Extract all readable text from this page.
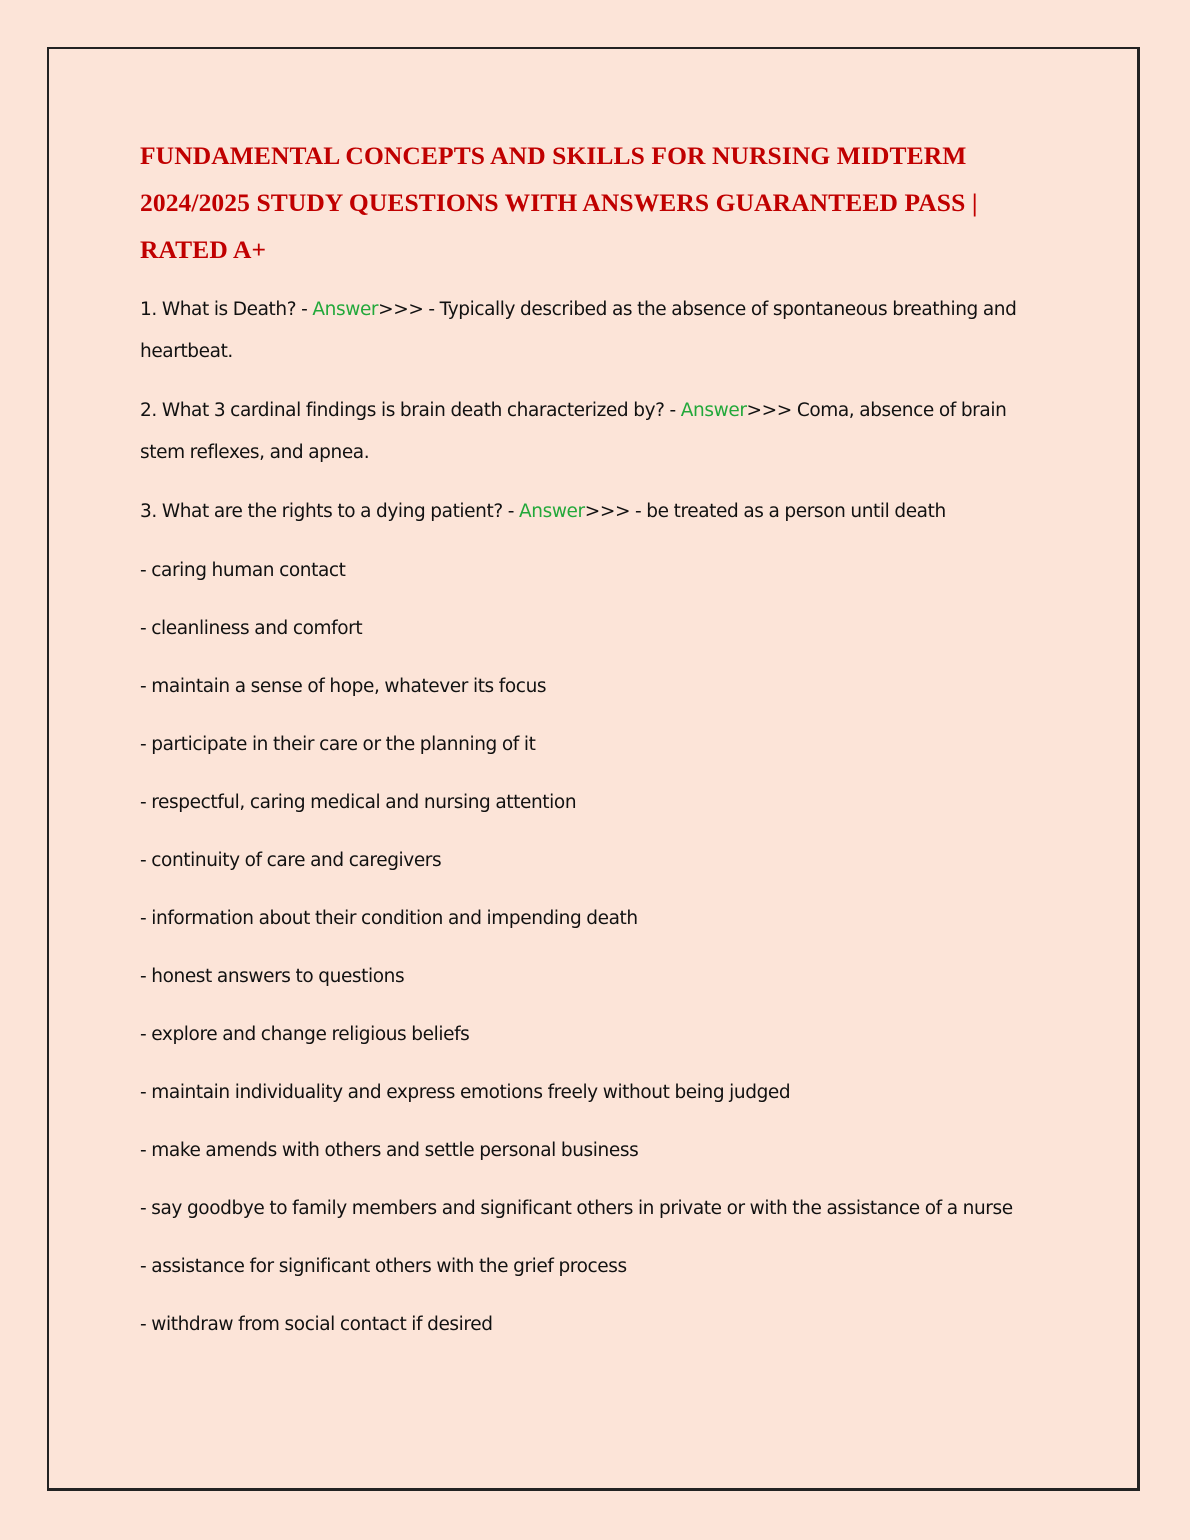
FUNDAMENTAL CONCEPTS AND SKILLS FOR NURSING MIDTERM 2024/2025 STUDY QUESTIONS WITH ANSWERS GUARANTEED PASS | RATED A+

1. What is Death? - Answer>>> - Typically described as the absence of spontaneous breathing and heartbeat.

2. What 3 cardinal findings is brain death characterized by? - Answer>>> Coma, absence of brain stem reflexes, and apnea.

3. What are the rights to a dying patient? - Answer>>> - be treated as a person until death

- caring human contact

- cleanliness and comfort

- maintain a sense of hope, whatever its focus

- participate in their care or the planning of it

- respectful, caring medical and nursing attention

- continuity of care and caregivers

- information about their condition and impending death

- honest answers to questions

- explore and change religious beliefs

- maintain individuality and express emotions freely without being judged

- make amends with others and settle personal business

- say goodbye to family members and significant others in private or with the assistance of a nurse

- assistance for significant others with the grief process

- withdraw from social contact if desired
